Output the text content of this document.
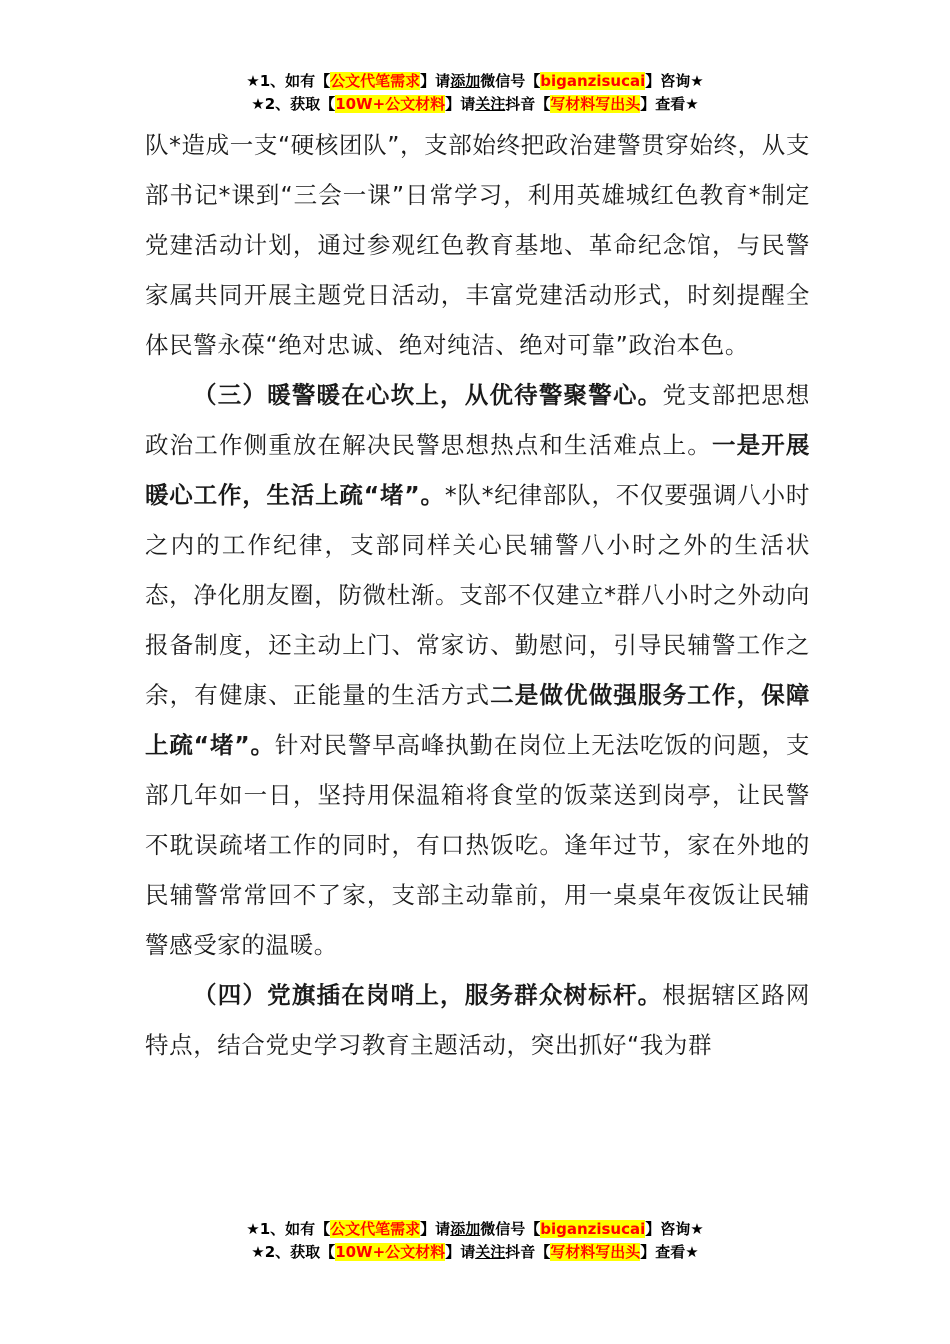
★1、如有【公文代笔需求】请添加微信号【biganzisucai】咨询★
★2、获取【10W+公文材料】请关注抖音【写材料写出头】查看★

队*造成一支“硬核团队”，支部始终把政治建警贯穿始终，从支部书记*课到“三会一课”日常学习，利用英雄城红色教育*制定党建活动计划，通过参观红色教育基地、革命纪念馆，与民警家属共同开展主题党日活动，丰富党建活动形式，时刻提醒全体民警永葆“绝对忠诚、绝对纯洁、绝对可靠”政治本色。

（三）暖警暖在心坎上，从优待警聚警心。党支部把思想政治工作侧重放在解决民警思想热点和生活难点上。一是开展暖心工作，生活上疏“堵”。*队*纪律部队，不仅要强调八小时之内的工作纪律，支部同样关心民辅警八小时之外的生活状态，净化朋友圈，防微杜渐。支部不仅建立*群八小时之外动向报备制度，还主动上门、常家访、勤慰问，引导民辅警工作之余，有健康、正能量的生活方式二是做优做强服务工作，保障上疏“堵”。针对民警早高峰执勤在岗位上无法吃饭的问题，支部几年如一日，坚持用保温箱将食堂的饭菜送到岗亭，让民警不耽误疏堵工作的同时，有口热饭吃。逢年过节，家在外地的民辅警常常回不了家，支部主动靠前，用一桌桌年夜饭让民辅警感受家的温暖。

（四）党旗插在岗哨上，服务群众树标杆。根据辖区路网特点，结合党史学习教育主题活动，突出抓好“我为群

★1、如有【公文代笔需求】请添加微信号【biganzisucai】咨询★
★2、获取【10W+公文材料】请关注抖音【写材料写出头】查看★
